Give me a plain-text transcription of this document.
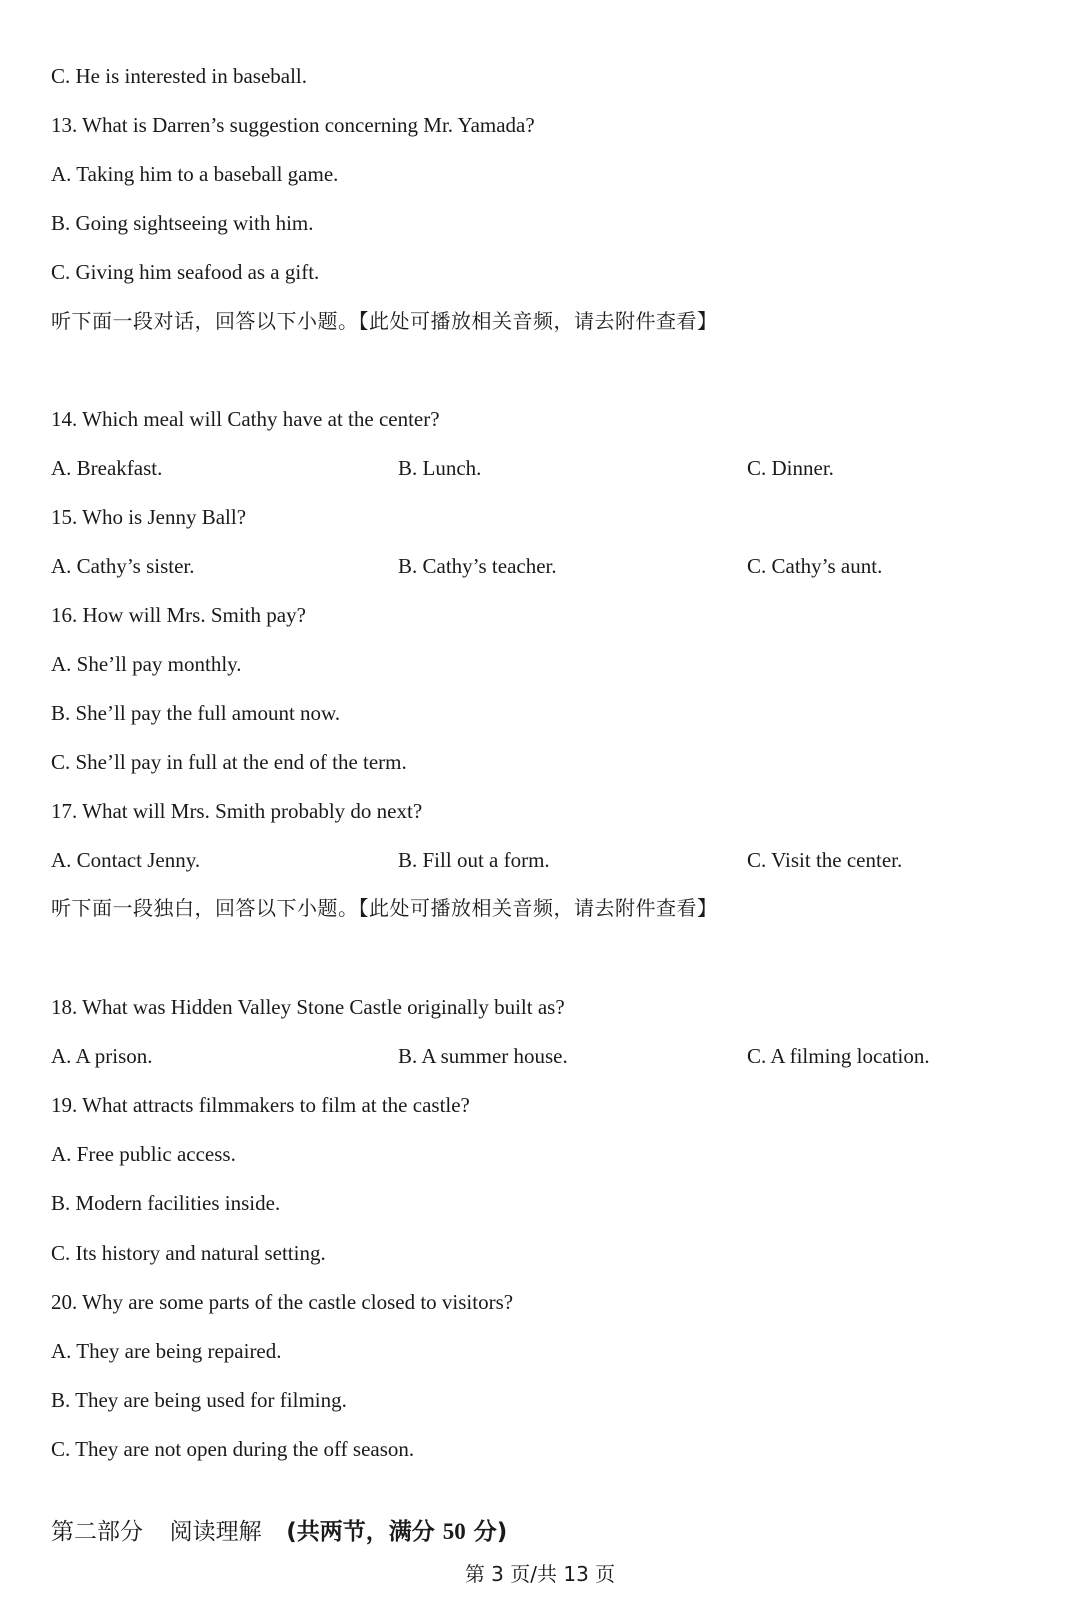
C. He is interested in baseball.
13. What is Darren’s suggestion concerning Mr. Yamada?
A. Taking him to a baseball game.
B. Going sightseeing with him.
C. Giving him seafood as a gift.
听下面一段对话，回答以下小题。【此处可播放相关音频，请去附件查看】
14. Which meal will Cathy have at the center?
A. Breakfast.	B. Lunch.	C. Dinner.
15. Who is Jenny Ball?
A. Cathy’s sister.	B. Cathy’s teacher.	C. Cathy’s aunt.
16. How will Mrs. Smith pay?
A. She’ll pay monthly.
B. She’ll pay the full amount now.
C. She’ll pay in full at the end of the term.
17. What will Mrs. Smith probably do next?
A. Contact Jenny.	B. Fill out a form.	C. Visit the center.
听下面一段独白，回答以下小题。【此处可播放相关音频，请去附件查看】
18. What was Hidden Valley Stone Castle originally built as?
A. A prison.	B. A summer house.	C. A filming location.
19. What attracts filmmakers to film at the castle?
A. Free public access.
B. Modern facilities inside.
C. Its history and natural setting.
20. Why are some parts of the castle closed to visitors?
A. They are being repaired.
B. They are being used for filming.
C. They are not open during the off season.
第二部分 阅读理解 (共两节，满分 50 分)
第 3 页/共 13 页
